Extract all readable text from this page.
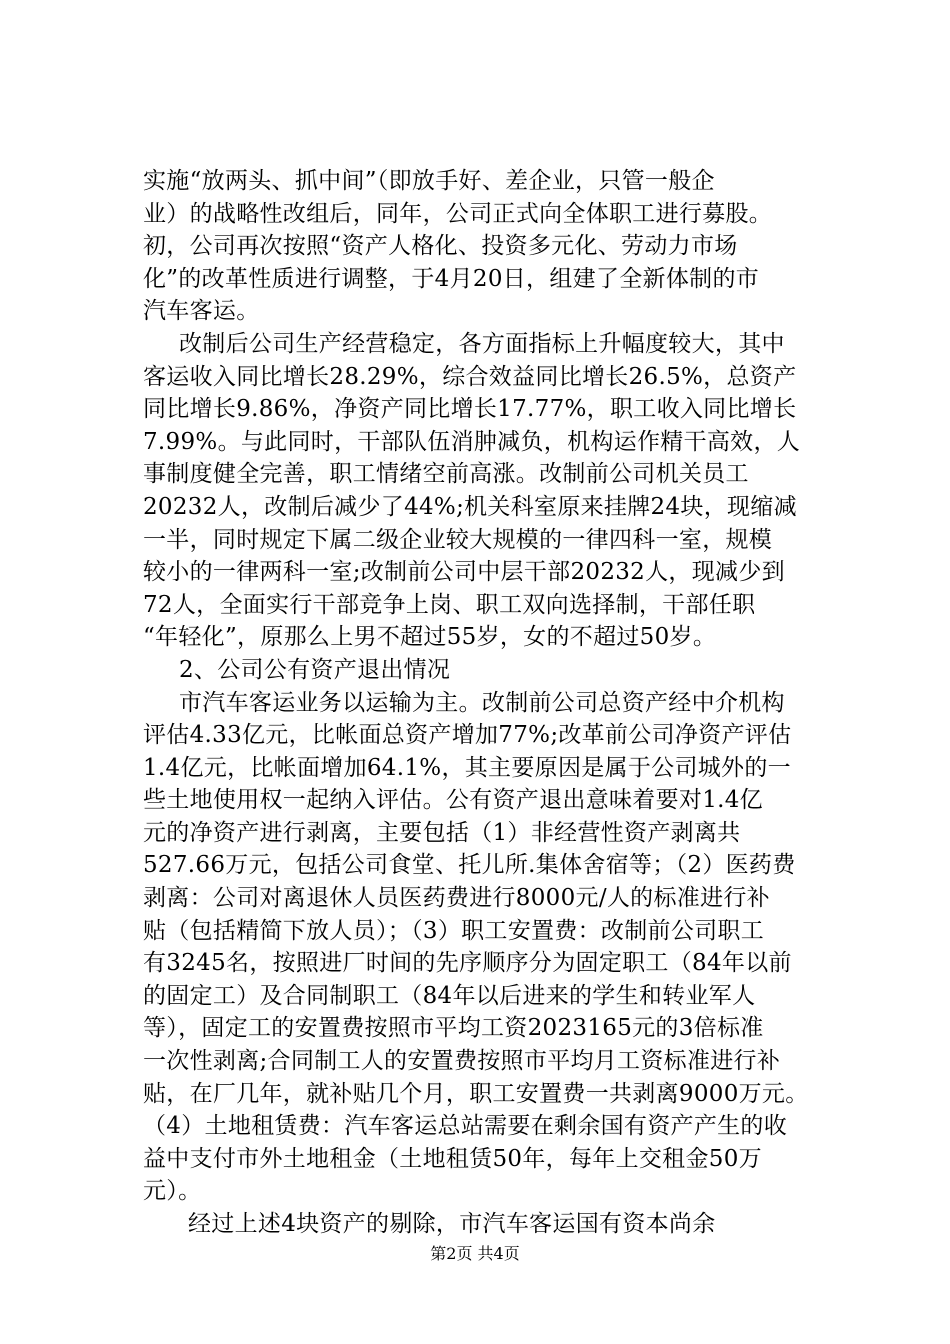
实施“放两头、抓中间”（即放手好、差企业，只管一般企
业）的战略性改组后，同年，公司正式向全体职工进行募股。
初，公司再次按照“资产人格化、投资多元化、劳动力市场
化”的改革性质进行调整，于4月20日，组建了全新体制的市
汽车客运。
改制后公司生产经营稳定，各方面指标上升幅度较大，其中
客运收入同比增长28.29%，综合效益同比增长26.5%，总资产
同比增长9.86%，净资产同比增长17.77%，职工收入同比增长
7.99%。与此同时，干部队伍消肿减负，机构运作精干高效，人
事制度健全完善，职工情绪空前高涨。改制前公司机关员工
20232人，改制后减少了44%;机关科室原来挂牌24块，现缩减
一半，同时规定下属二级企业较大规模的一律四科一室，规模
较小的一律两科一室;改制前公司中层干部20232人，现减少到
72人，全面实行干部竞争上岗、职工双向选择制，干部任职
“年轻化”，原那么上男不超过55岁，女的不超过50岁。
2、公司公有资产退出情况
市汽车客运业务以运输为主。改制前公司总资产经中介机构
评估4.33亿元，比帐面总资产增加77%;改革前公司净资产评估
1.4亿元，比帐面增加64.1%，其主要原因是属于公司城外的一
些土地使用权一起纳入评估。公有资产退出意味着要对1.4亿
元的净资产进行剥离，主要包括（1）非经营性资产剥离共
527.66万元，包括公司食堂、托儿所.集体舍宿等；（2）医药费
剥离：公司对离退休人员医药费进行8000元/人的标准进行补
贴（包括精简下放人员）；（3）职工安置费：改制前公司职工
有3245名，按照进厂时间的先序顺序分为固定职工（84年以前
的固定工）及合同制职工（84年以后进来的学生和转业军人
等），固定工的安置费按照市平均工资2023165元的3倍标准
一次性剥离;合同制工人的安置费按照市平均月工资标准进行补
贴，在厂几年，就补贴几个月，职工安置费一共剥离9000万元。
（4）土地租赁费：汽车客运总站需要在剩余国有资产产生的收
益中支付市外土地租金（土地租赁50年，每年上交租金50万
元）。
经过上述4块资产的剔除，市汽车客运国有资本尚余
第2页 共4页
